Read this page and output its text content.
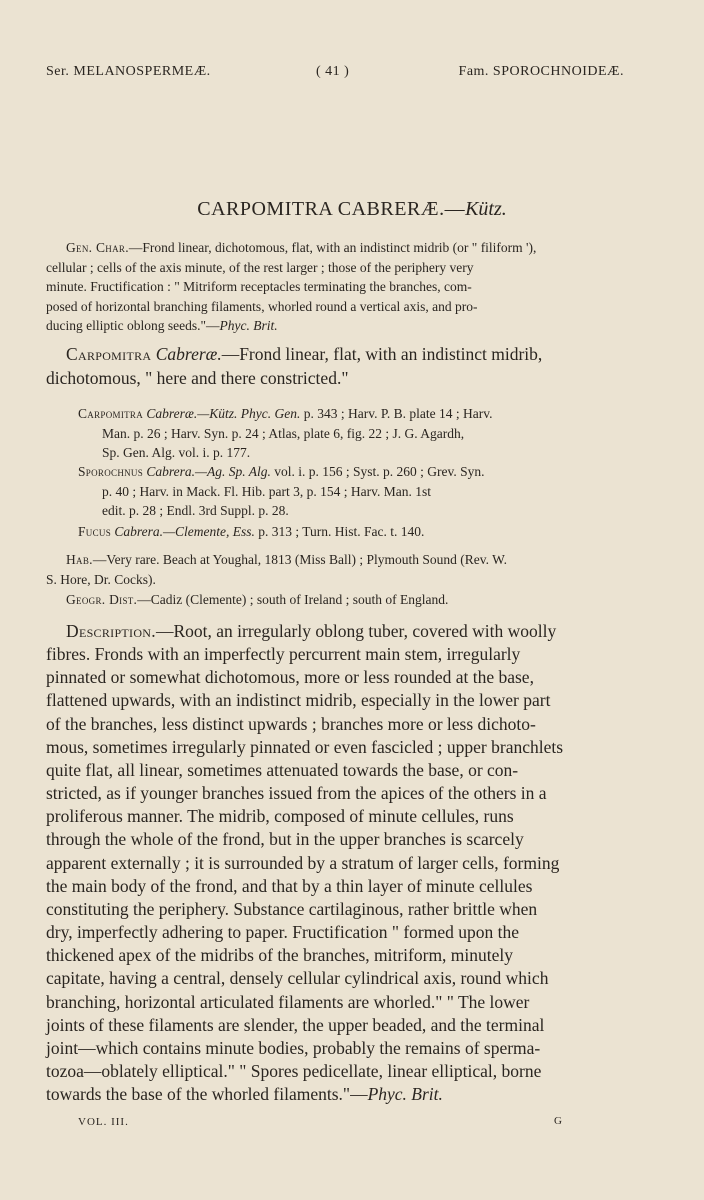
Ser. MELANOSPERMEÆ.	( 41 )	Fam. SPOROCHNOIDEÆ.
CARPOMITRA CABRERÆ.—Kütz.
Gen. Char.—Frond linear, dichotomous, flat, with an indistinct midrib (or " filiform '),
cellular ; cells of the axis minute, of the rest larger ; those of the periphery very
minute. Fructification : " Mitriform receptacles terminating the branches, com-
posed of horizontal branching filaments, whorled round a vertical axis, and pro-
ducing elliptic oblong seeds."—Phyc. Brit.
Carpomitra Cabreræ.—Frond linear, flat, with an indistinct midrib,
dichotomous, " here and there constricted."
Carpomitra Cabreræ.—Kütz. Phyc. Gen. p. 343 ; Harv. P. B. plate 14 ; Harv.
Man. p. 26 ; Harv. Syn. p. 24 ; Atlas, plate 6, fig. 22 ; J. G. Agardh,
Sp. Gen. Alg. vol. i. p. 177.
Sporochnus Cabrera.—Ag. Sp. Alg. vol. i. p. 156 ; Syst. p. 260 ; Grev. Syn.
p. 40 ; Harv. in Mack. Fl. Hib. part 3, p. 154 ; Harv. Man. 1st
edit. p. 28 ; Endl. 3rd Suppl. p. 28.
Fucus Cabrera.—Clemente, Ess. p. 313 ; Turn. Hist. Fac. t. 140.
Hab.—Very rare. Beach at Youghal, 1813 (Miss Ball) ; Plymouth Sound (Rev. W.
S. Hore, Dr. Cocks).
Geogr. Dist.—Cadiz (Clemente) ; south of Ireland ; south of England.
Description.—Root, an irregularly oblong tuber, covered with woolly
fibres. Fronds with an imperfectly percurrent main stem, irregularly
pinnated or somewhat dichotomous, more or less rounded at the base,
flattened upwards, with an indistinct midrib, especially in the lower part
of the branches, less distinct upwards ; branches more or less dichoto-
mous, sometimes irregularly pinnated or even fascicled ; upper branchlets
quite flat, all linear, sometimes attenuated towards the base, or con-
stricted, as if younger branches issued from the apices of the others in a
proliferous manner. The midrib, composed of minute cellules, runs
through the whole of the frond, but in the upper branches is scarcely
apparent externally ; it is surrounded by a stratum of larger cells, forming
the main body of the frond, and that by a thin layer of minute cellules
constituting the periphery. Substance cartilaginous, rather brittle when
dry, imperfectly adhering to paper. Fructification " formed upon the
thickened apex of the midribs of the branches, mitriform, minutely
capitate, having a central, densely cellular cylindrical axis, round which
branching, horizontal articulated filaments are whorled." " The lower
joints of these filaments are slender, the upper beaded, and the terminal
joint—which contains minute bodies, probably the remains of sperma-
tozoa—oblately elliptical." " Spores pedicellate, linear elliptical, borne
towards the base of the whorled filaments."—Phyc. Brit.
VOL. III.	G
